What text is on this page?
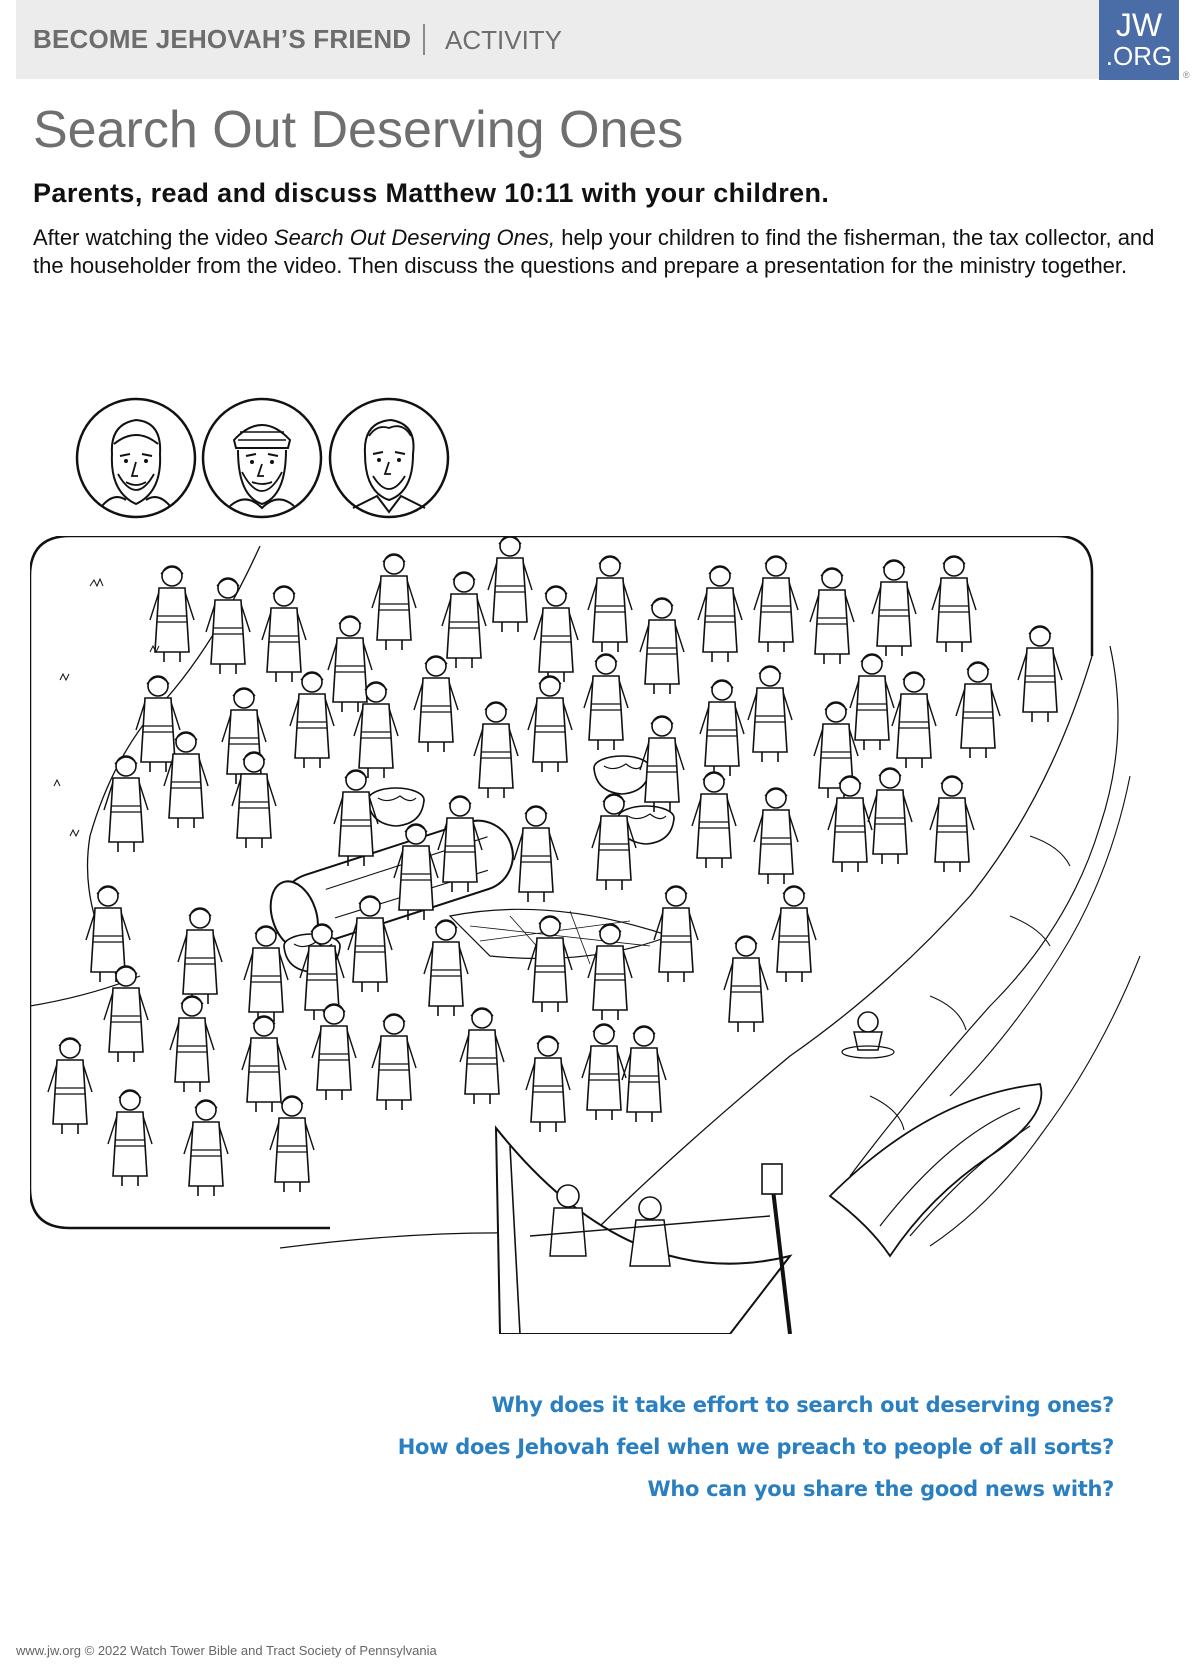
BECOME JEHOVAH’S FRIEND ACTIVITY	JW
.ORG
®
Search Out Deserving Ones
Parents, read and discuss Matthew 10:11 with your children.

After watching the video Search Out Deserving Ones, help your children to find the fisherman, the tax collector, and the householder from the video. Then discuss the questions and prepare a presentation for the ministry together.

Why does it take effort to search out deserving ones?
How does Jehovah feel when we preach to people of all sorts?
Who can you share the good news with?
www.jw.org © 2022 Watch Tower Bible and Tract Society of Pennsylvania
